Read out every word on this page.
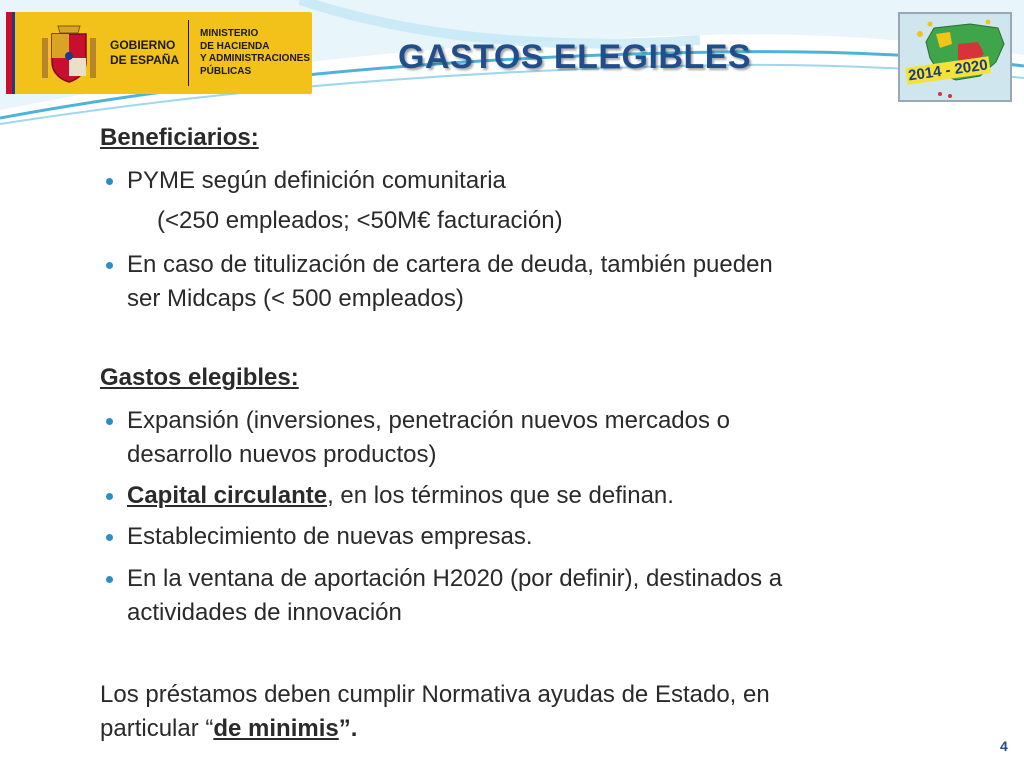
GOBIERNO
DE ESPAÑA
MINISTERIO
DE HACIENDA
Y ADMINISTRACIONES
PÚBLICAS	GASTOS ELEGIBLES	2014 - 2020
Beneficiarios:
PYME según definición comunitaria
(<250 empleados; <50M€ facturación)
En caso de titulización de cartera de deuda, también pueden
ser Midcaps (< 500 empleados)
Gastos elegibles:
Expansión (inversiones, penetración nuevos mercados o
desarrollo nuevos productos)
Capital circulante, en los términos que se definan.
Establecimiento de nuevas empresas.
En la ventana de aportación H2020 (por definir), destinados a
actividades de innovación
Los préstamos deben cumplir Normativa ayudas de Estado, en
particular “de minimis”.
4
